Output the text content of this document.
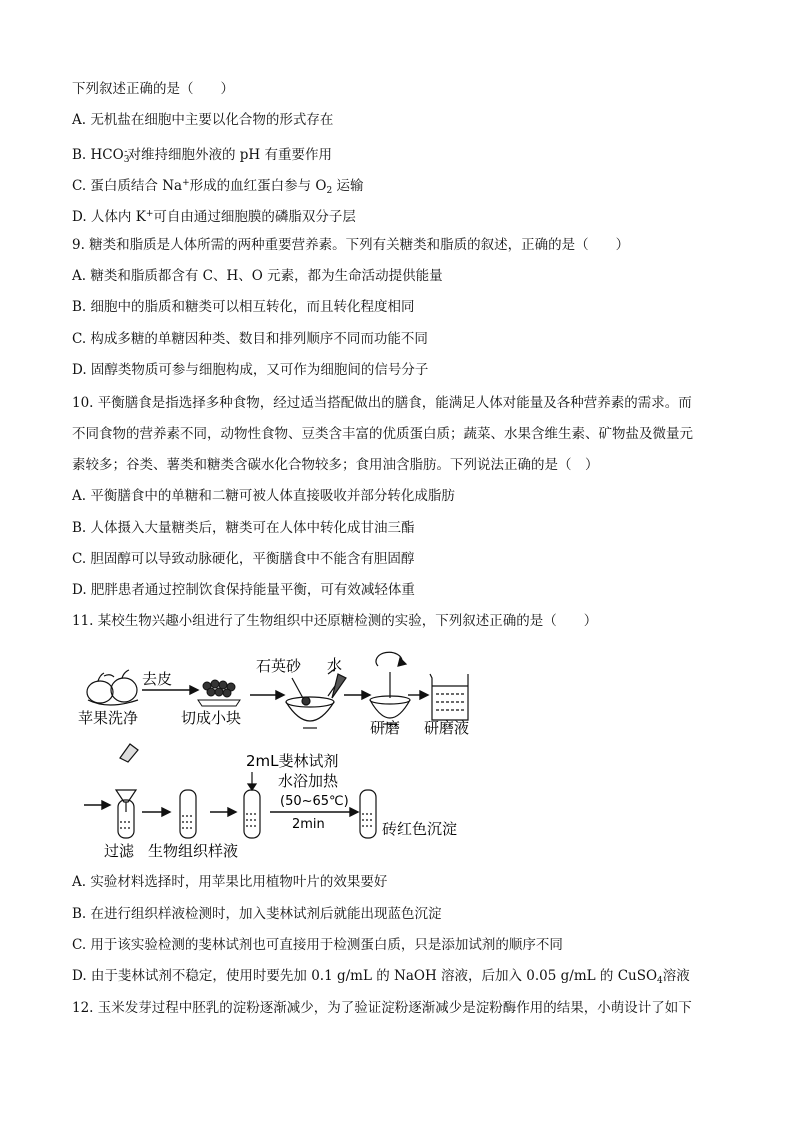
下列叙述正确的是（　　）
A. 无机盐在细胞中主要以化合物的形式存在
B. $HCO_3^-$对维持细胞外液的 pH 有重要作用
C. 蛋白质结合 Na+形成的血红蛋白参与 $O_2$ 运输
D. 人体内 K+可自由通过细胞膜的磷脂双分子层
9. 糖类和脂质是人体所需的两种重要营养素。下列有关糖类和脂质的叙述，正确的是（　　）
A. 糖类和脂质都含有 C、H、O 元素，都为生命活动提供能量
B. 细胞中的脂质和糖类可以相互转化，而且转化程度相同
C. 构成多糖的单糖因种类、数目和排列顺序不同而功能不同
D. 固醇类物质可参与细胞构成，又可作为细胞间的信号分子
10. 平衡膳食是指选择多种食物，经过适当搭配做出的膳食，能满足人体对能量及各种营养素的需求。而
不同食物的营养素不同，动物性食物、豆类含丰富的优质蛋白质；蔬菜、水果含维生素、矿物盐及微量元
素较多；谷类、薯类和糖类含碳水化合物较多；食用油含脂肪。下列说法正确的是（　）
A. 平衡膳食中的单糖和二糖可被人体直接吸收并部分转化成脂肪
B. 人体摄入大量糖类后，糖类可在人体中转化成甘油三酯
C. 胆固醇可以导致动脉硬化，平衡膳食中不能含有胆固醇
D. 肥胖患者通过控制饮食保持能量平衡，可有效减轻体重
11. 某校生物兴趣小组进行了生物组织中还原糖检测的实验，下列叙述正确的是（　　）
苹果洗净
去皮
切成小块
石英砂 水
研磨 研磨液
过滤 生物组织样液
2mL斐林试剂
水浴加热
(50~65℃)
2min	砖红色沉淀
A. 实验材料选择时，用苹果比用植物叶片的效果要好
B. 在进行组织样液检测时，加入斐林试剂后就能出现蓝色沉淀
C. 用于该实验检测的斐林试剂也可直接用于检测蛋白质，只是添加试剂的顺序不同
D. 由于斐林试剂不稳定，使用时要先加 0.1 g/mL 的 NaOH 溶液，后加入 0.05 g/mL 的 CuSO$_4$溶液
12. 玉米发芽过程中胚乳的淀粉逐渐减少，为了验证淀粉逐渐减少是淀粉酶作用的结果，小萌设计了如下
